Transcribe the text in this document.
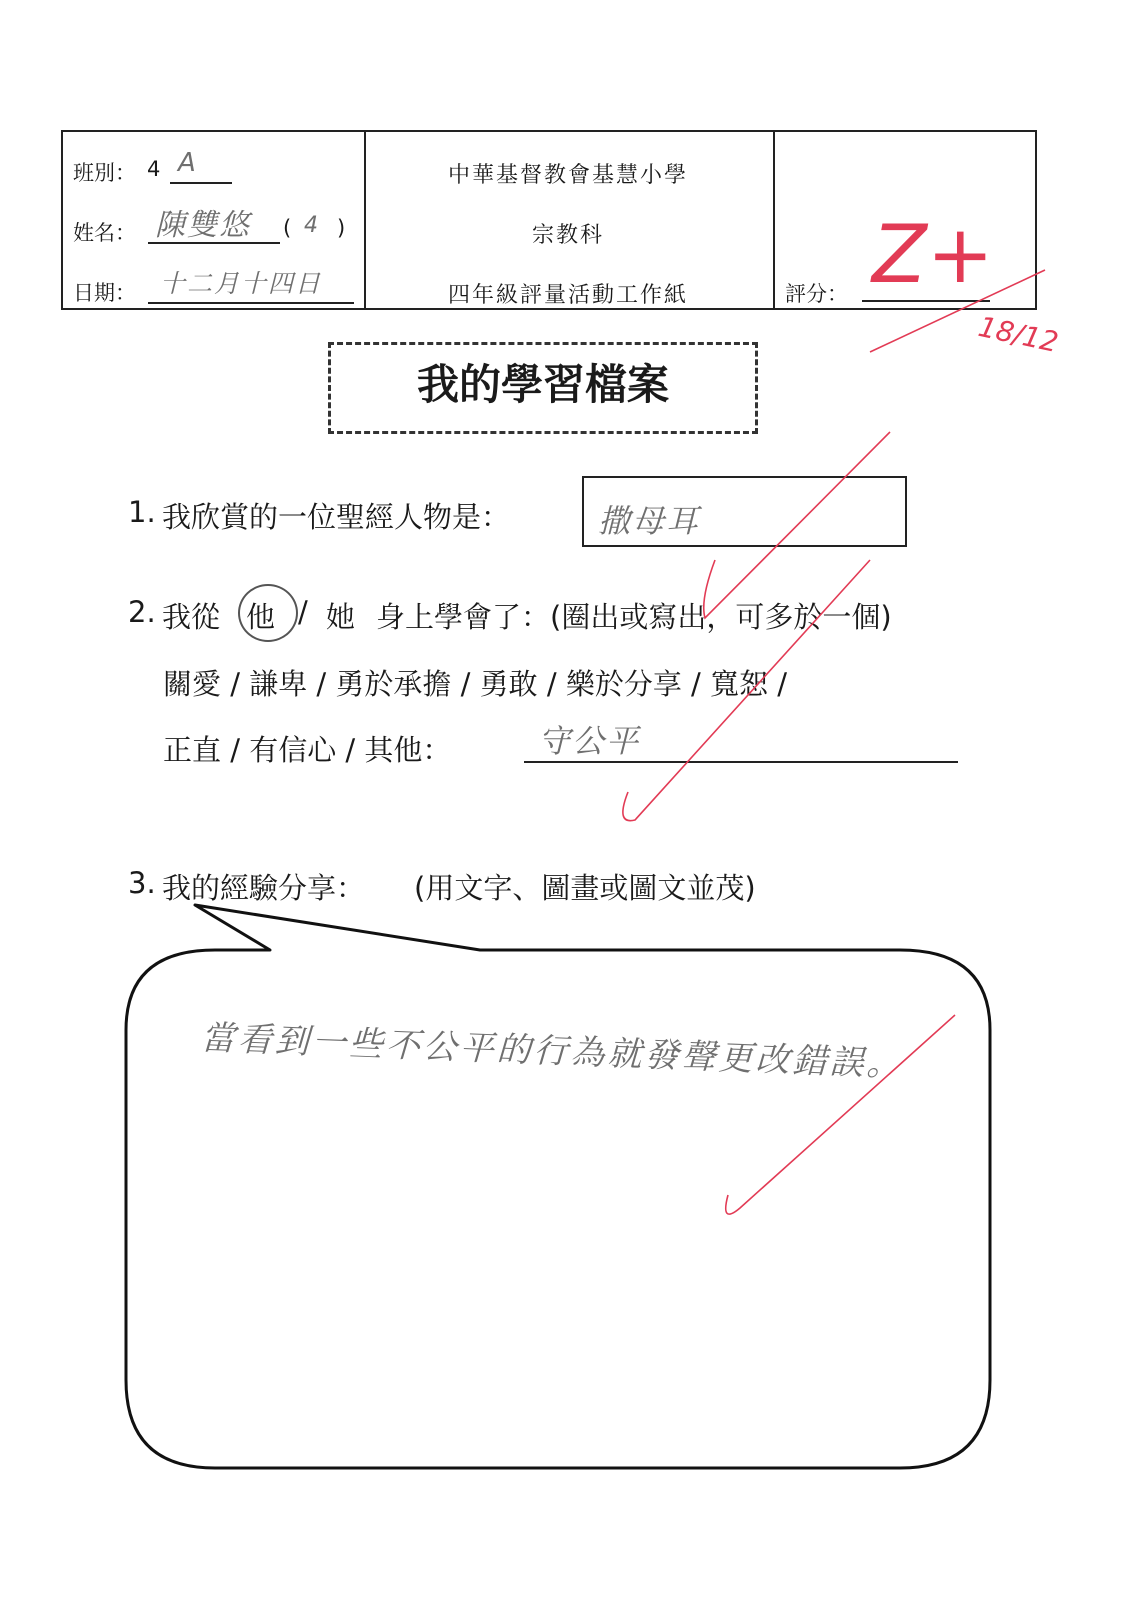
班別： 4 A
姓名： 陳雙悠 ( 4 )
日期： 十二月十四日
中華基督教會基慧小學
宗教科
四年級評量活動工作紙	評分： Z+
18/12
我的學習檔案
1. 我欣賞的一位聖經人物是：	撒母耳
2. 我從 他 / 她 身上學會了：(圈出或寫出，可多於一個)
關愛 / 謙卑 / 勇於承擔 / 勇敢 / 樂於分享 / 寬恕 /
正直 / 有信心 / 其他：	守公平
3. 我的經驗分享： (用文字、圖畫或圖文並茂)
當看到一些不公平的行為就發聲更改錯誤。
